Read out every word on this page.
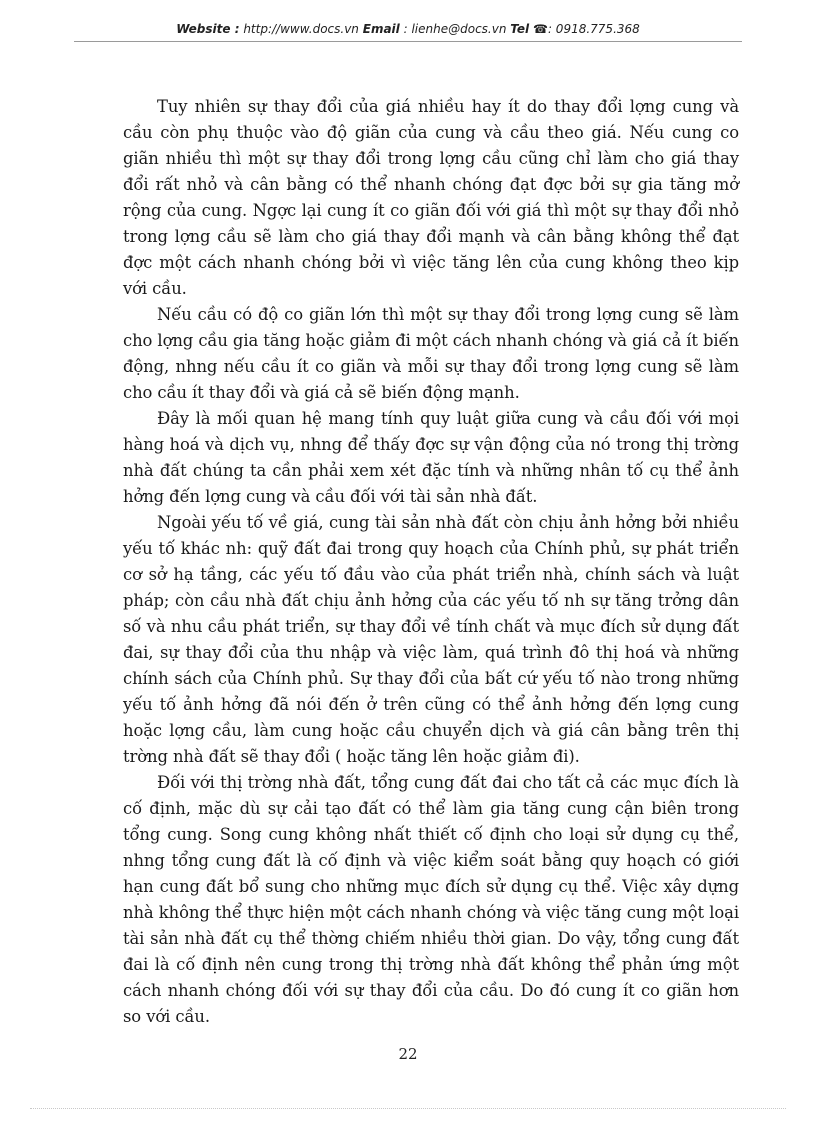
Website : http://www.docs.vn Email : lienhe@docs.vn Tel ☎: 0918.775.368

Tuy nhiên sự thay đổi của giá nhiều hay ít do thay đổi lợng cung và cầu còn phụ thuộc vào độ giãn của cung và cầu theo giá. Nếu cung co giãn nhiều thì một sự thay đổi trong lợng cầu cũng chỉ làm cho giá thay đổi rất nhỏ và cân bằng có thể nhanh chóng đạt đợc bởi sự gia tăng mở rộng của cung. Ngợc lại cung ít co giãn đối với giá thì một sự thay đổi nhỏ trong lợng cầu sẽ làm cho giá thay đổi mạnh và cân bằng không thể đạt đợc một cách nhanh chóng bởi vì việc tăng lên của cung không theo kịp với cầu.

Nếu cầu có độ co giãn lớn thì một sự thay đổi trong lợng cung sẽ làm cho lợng cầu gia tăng hoặc giảm đi một cách nhanh chóng và giá cả ít biến động, nhng nếu cầu ít co giãn và mỗi sự thay đổi trong lợng cung sẽ làm cho cầu ít thay đổi và giá cả sẽ biến động mạnh.

Đây là mối quan hệ mang tính quy luật giữa cung và cầu đối với mọi hàng hoá và dịch vụ, nhng để thấy đợc sự vận động của nó trong thị trờng nhà đất chúng ta cần phải xem xét đặc tính và những nhân tố cụ thể ảnh hởng đến lợng cung và cầu đối với tài sản nhà đất.

Ngoài yếu tố về giá, cung tài sản nhà đất còn chịu ảnh hởng bởi nhiều yếu tố khác nh: quỹ đất đai trong quy hoạch của Chính phủ, sự phát triển cơ sở hạ tầng, các yếu tố đầu vào của phát triển nhà, chính sách và luật pháp; còn cầu nhà đất chịu ảnh hởng của các yếu tố nh sự tăng trởng dân số và nhu cầu phát triển, sự thay đổi về tính chất và mục đích sử dụng đất đai, sự thay đổi của thu nhập và việc làm, quá trình đô thị hoá và những chính sách của Chính phủ. Sự thay đổi của bất cứ yếu tố nào trong những yếu tố ảnh hởng đã nói đến ở trên cũng có thể ảnh hởng đến lợng cung hoặc lợng cầu, làm cung hoặc cầu chuyển dịch và giá cân bằng trên thị trờng nhà đất sẽ thay đổi ( hoặc tăng lên hoặc giảm đi).

Đối với thị trờng nhà đất, tổng cung đất đai cho tất cả các mục đích là cố định, mặc dù sự cải tạo đất có thể làm gia tăng cung cận biên trong tổng cung. Song cung không nhất thiết cố định cho loại sử dụng cụ thể, nhng tổng cung đất là cố định và việc kiểm soát bằng quy hoạch có giới hạn cung đất bổ sung cho những mục đích sử dụng cụ thể. Việc xây dựng nhà không thể thực hiện một cách nhanh chóng và việc tăng cung một loại tài sản nhà đất cụ thể thờng chiếm nhiều thời gian. Do vậy, tổng cung đất đai là cố định nên cung trong thị trờng nhà đất không thể phản ứng một cách nhanh chóng đối với sự thay đổi của cầu. Do đó cung ít co giãn hơn so với cầu.

22
